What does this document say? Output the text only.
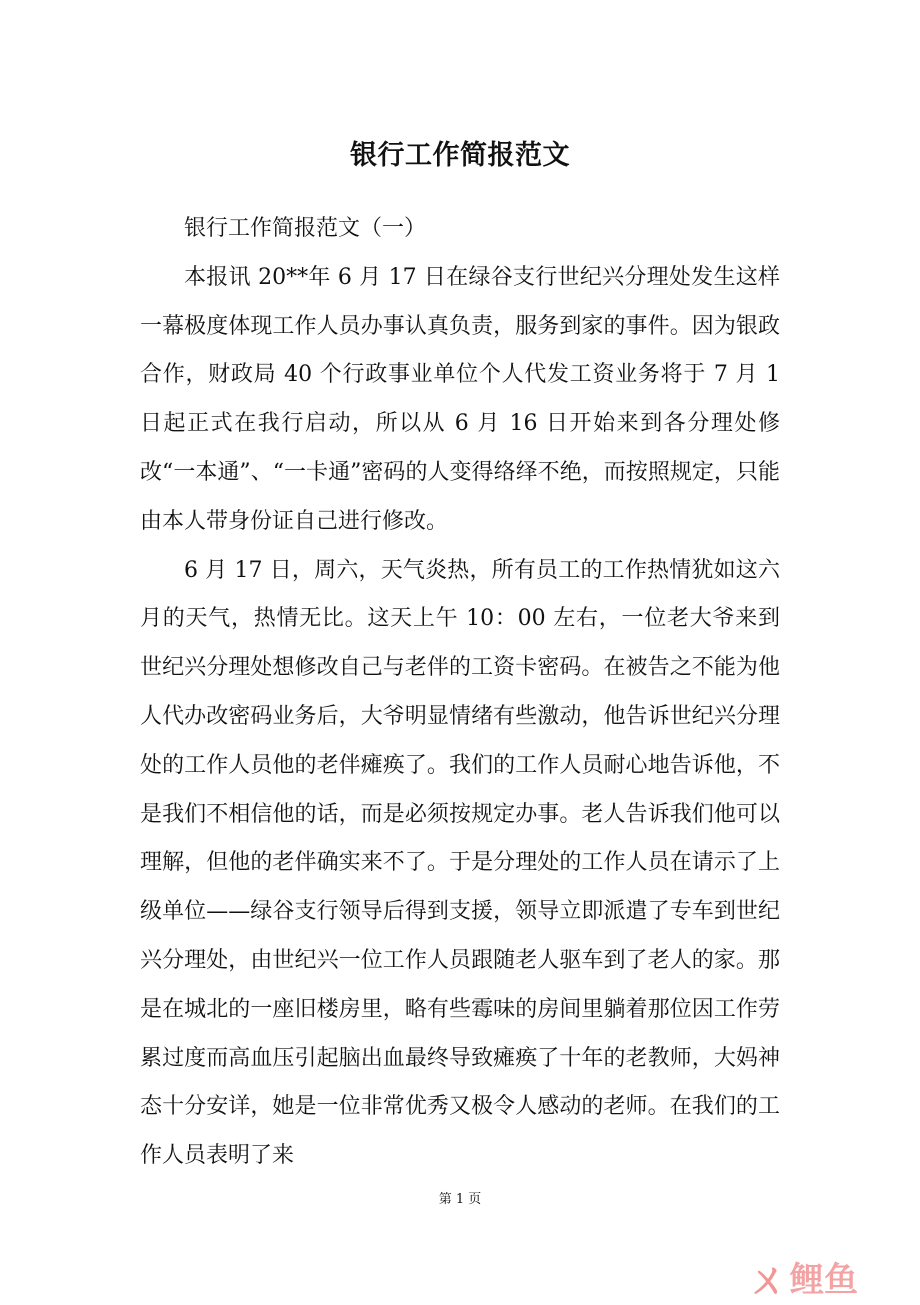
银行工作简报范文

银行工作简报范文（一）

本报讯 20**年 6 月 17 日在绿谷支行世纪兴分理处发生这样一幕极度体现工作人员办事认真负责，服务到家的事件。因为银政合作，财政局 40 个行政事业单位个人代发工资业务将于 7 月 1 日起正式在我行启动，所以从 6 月 16 日开始来到各分理处修改“一本通”、“一卡通”密码的人变得络绎不绝，而按照规定，只能由本人带身份证自己进行修改。

6 月 17 日，周六，天气炎热，所有员工的工作热情犹如这六月的天气，热情无比。这天上午 10：00 左右，一位老大爷来到世纪兴分理处想修改自己与老伴的工资卡密码。在被告之不能为他人代办改密码业务后，大爷明显情绪有些激动，他告诉世纪兴分理处的工作人员他的老伴瘫痪了。我们的工作人员耐心地告诉他，不是我们不相信他的话，而是必须按规定办事。老人告诉我们他可以理解，但他的老伴确实来不了。于是分理处的工作人员在请示了上级单位——绿谷支行领导后得到支援，领导立即派遣了专车到世纪兴分理处，由世纪兴一位工作人员跟随老人驱车到了老人的家。那是在城北的一座旧楼房里，略有些霉味的房间里躺着那位因工作劳累过度而高血压引起脑出血最终导致瘫痪了十年的老教师，大妈神态十分安详，她是一位非常优秀又极令人感动的老师。在我们的工作人员表明了来

第 1 页
ㄨ 鲤鱼
